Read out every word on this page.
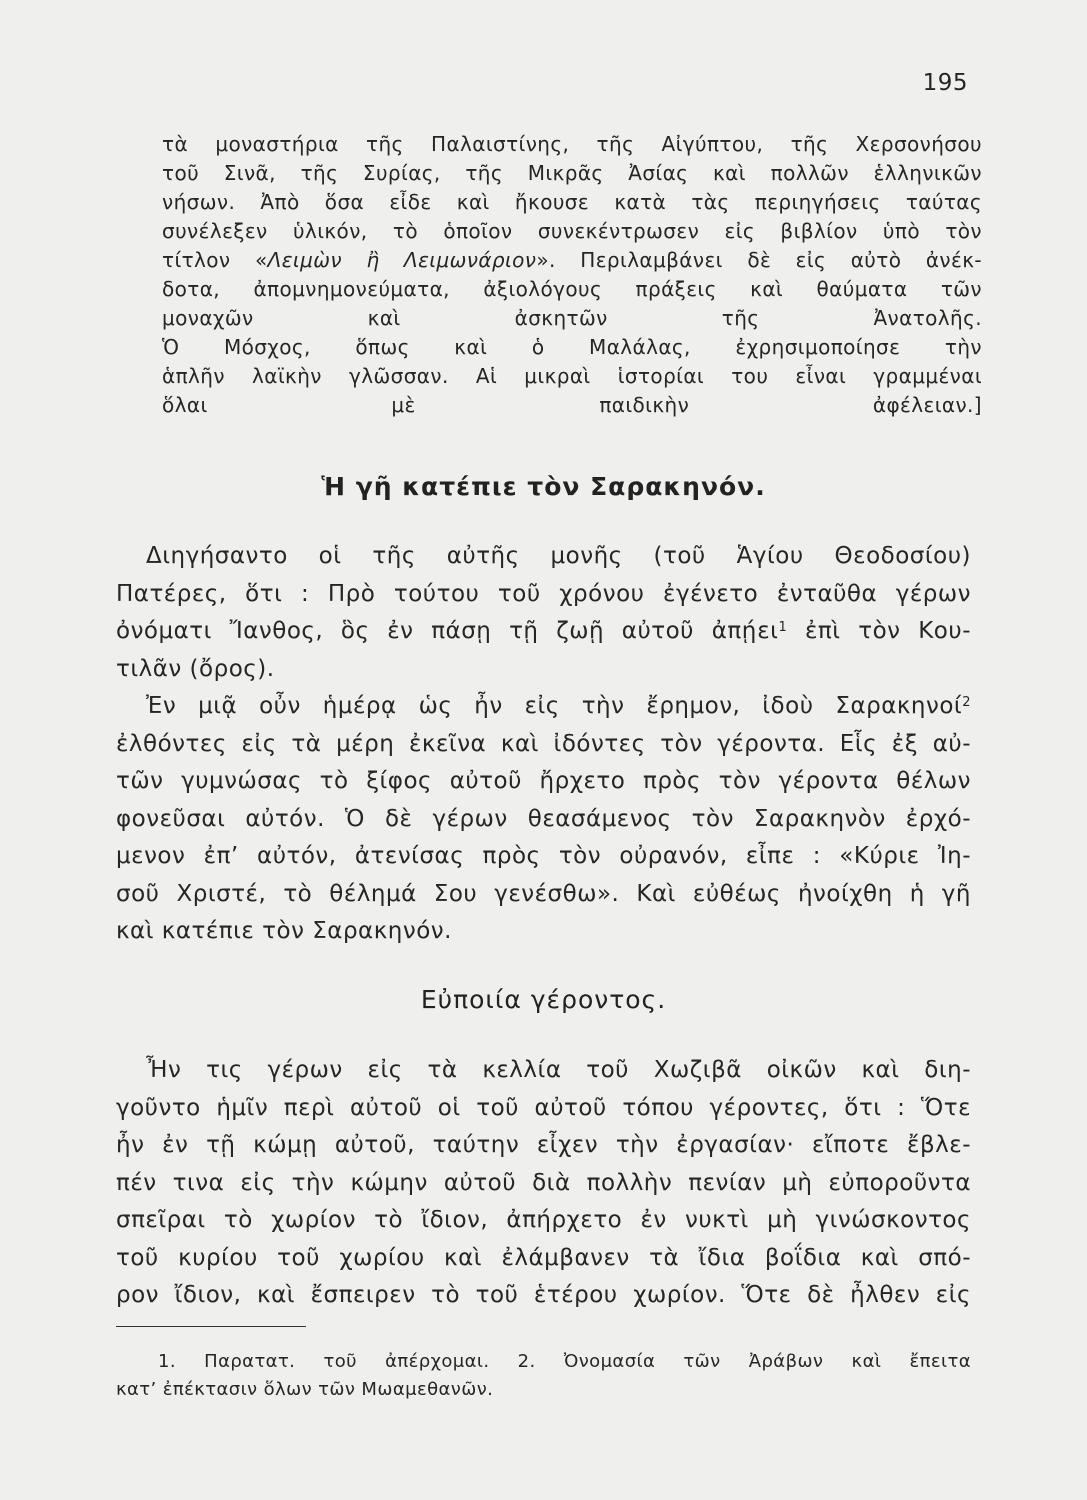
195

τὰ μοναστήρια τῆς Παλαιστίνης, τῆς Αἰγύπτου, τῆς Χερσονήσου
τοῦ Σινᾶ, τῆς Συρίας, τῆς Μικρᾶς Ἀσίας καὶ πολλῶν ἑλληνικῶν
νήσων. Ἀπὸ ὅσα εἶδε καὶ ἤκουσε κατὰ τὰς περιηγήσεις ταύτας
συνέλεξεν ὑλικόν, τὸ ὁποῖον συνεκέντρωσεν εἰς βιβλίον ὑπὸ τὸν
τίτλον «Λειμὼν ἢ Λειμωνάριον». Περιλαμβάνει δὲ εἰς αὐτὸ ἀνέκ-
δοτα, ἀπομνημονεύματα, ἀξιολόγους πράξεις καὶ θαύματα τῶν
μοναχῶν καὶ ἀσκητῶν τῆς Ἀνατολῆς.

Ὁ Μόσχος, ὅπως καὶ ὁ Μαλάλας, ἐχρησιμοποίησε τὴν
ἁπλῆν λαϊκὴν γλῶσσαν. Αἱ μικραὶ ἱστορίαι του εἶναι γραμμέναι
ὅλαι μὲ παιδικὴν ἀφέλειαν.]

Ἡ γῆ κατέπιε τὸν Σαρακηνόν.
Διηγήσαντο οἱ τῆς αὐτῆς μονῆς (τοῦ Ἁγίου Θεοδοσίου)
Πατέρες, ὅτι : Πρὸ τούτου τοῦ χρόνου ἐγένετο ἐνταῦθα γέρων
ὀνόματι Ἴανθος, ὃς ἐν πάσῃ τῇ ζωῇ αὐτοῦ ἀπῄει$^1$ ἐπὶ τὸν Κου-
τιλᾶν (ὄρος).
Ἐν μιᾷ οὖν ἡμέρᾳ ὡς ἦν εἰς τὴν ἔρημον, ἰδοὺ Σαρακηνοί$^2$
ἐλθόντες εἰς τὰ μέρη ἐκεῖνα καὶ ἰδόντες τὸν γέροντα. Εἷς ἐξ αὐ-
τῶν γυμνώσας τὸ ξίφος αὐτοῦ ἤρχετο πρὸς τὸν γέροντα θέλων
φονεῦσαι αὐτόν. Ὁ δὲ γέρων θεασάμενος τὸν Σαρακηνὸν ἐρχό-
μενον ἐπ’ αὐτόν, ἀτενίσας πρὸς τὸν οὐρανόν, εἶπε : «Κύριε Ἰη-
σοῦ Χριστέ, τὸ θέλημά Σου γενέσθω». Καὶ εὐθέως ἠνοίχθη ἡ γῆ
καὶ κατέπιε τὸν Σαρακηνόν.
Εὐποιία γέροντος.
Ἦν τις γέρων εἰς τὰ κελλία τοῦ Χωζιβᾶ οἰκῶν καὶ διη-
γοῦντο ἡμῖν περὶ αὐτοῦ οἱ τοῦ αὐτοῦ τόπου γέροντες, ὅτι : Ὅτε
ἦν ἐν τῇ κώμῃ αὐτοῦ, ταύτην εἶχεν τὴν ἐργασίαν· εἴποτε ἔβλε-
πέν τινα εἰς τὴν κώμην αὐτοῦ διὰ πολλὴν πενίαν μὴ εὐποροῦντα
σπεῖραι τὸ χωρίον τὸ ἴδιον, ἀπήρχετο ἐν νυκτὶ μὴ γινώσκοντος
τοῦ κυρίου τοῦ χωρίου καὶ ἐλάμβανεν τὰ ἴδια βοΐδια καὶ σπό-
ρον ἴδιον, καὶ ἔσπειρεν τὸ τοῦ ἑτέρου χωρίον. Ὅτε δὲ ἦλθεν εἰς
1. Παρατατ. τοῦ ἀπέρχομαι. 2. Ὀνομασία τῶν Ἀράβων καὶ ἔπειτα
κατ’ ἐπέκτασιν ὅλων τῶν Μωαμεθανῶν.
